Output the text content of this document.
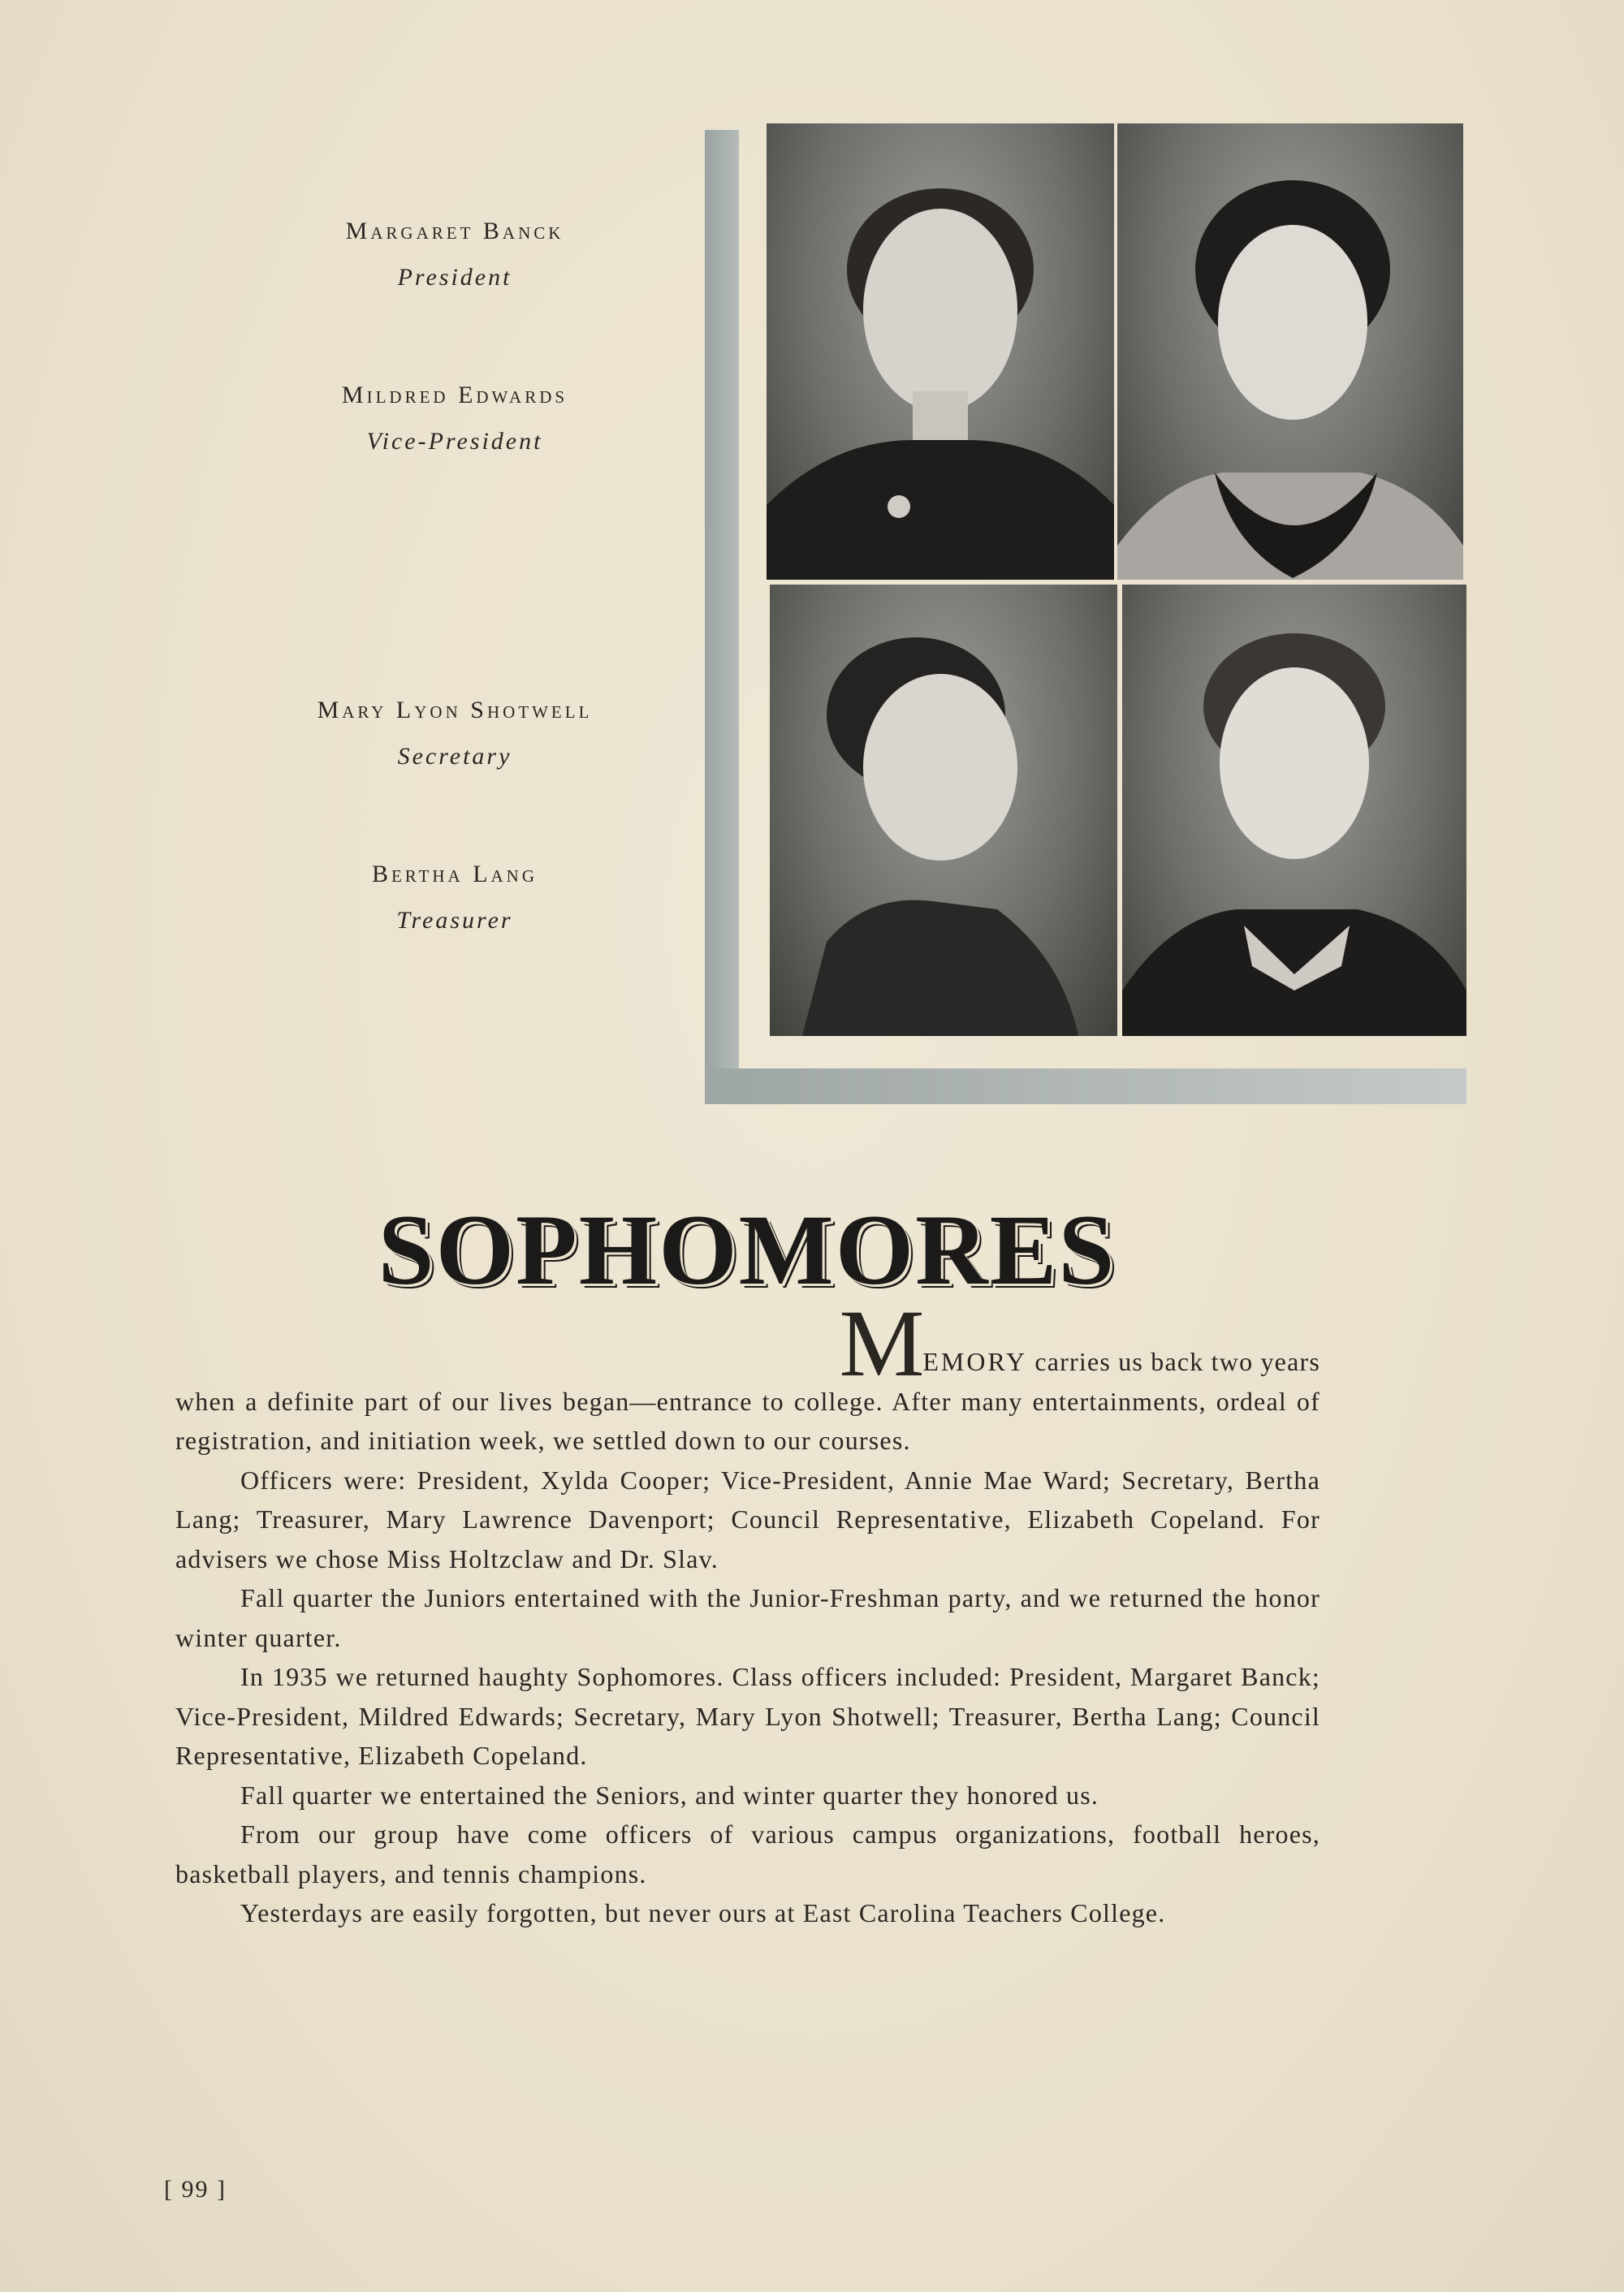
Margaret Banck
President
Mildred Edwards
Vice-President
Mary Lyon Shotwell
Secretary
Bertha Lang
Treasurer
SOPHOMORES
MEMORY carries us back two years

when a definite part of our lives began—entrance to college. After many entertainments, ordeal of registration, and initiation week, we settled down to our courses.

Officers were: President, Xylda Cooper; Vice-President, Annie Mae Ward; Secretary, Bertha Lang; Treasurer, Mary Lawrence Davenport; Council Representative, Elizabeth Copeland. For advisers we chose Miss Holtzclaw and Dr. Slav.

Fall quarter the Juniors entertained with the Junior-Freshman party, and we returned the honor winter quarter.

In 1935 we returned haughty Sophomores. Class officers included: President, Margaret Banck; Vice-President, Mildred Edwards; Secretary, Mary Lyon Shotwell; Treasurer, Bertha Lang; Council Representative, Elizabeth Copeland.

Fall quarter we entertained the Seniors, and winter quarter they honored us.

From our group have come officers of various campus organizations, football heroes, basketball players, and tennis champions.

Yesterdays are easily forgotten, but never ours at East Carolina Teachers College.

[ 99 ]
